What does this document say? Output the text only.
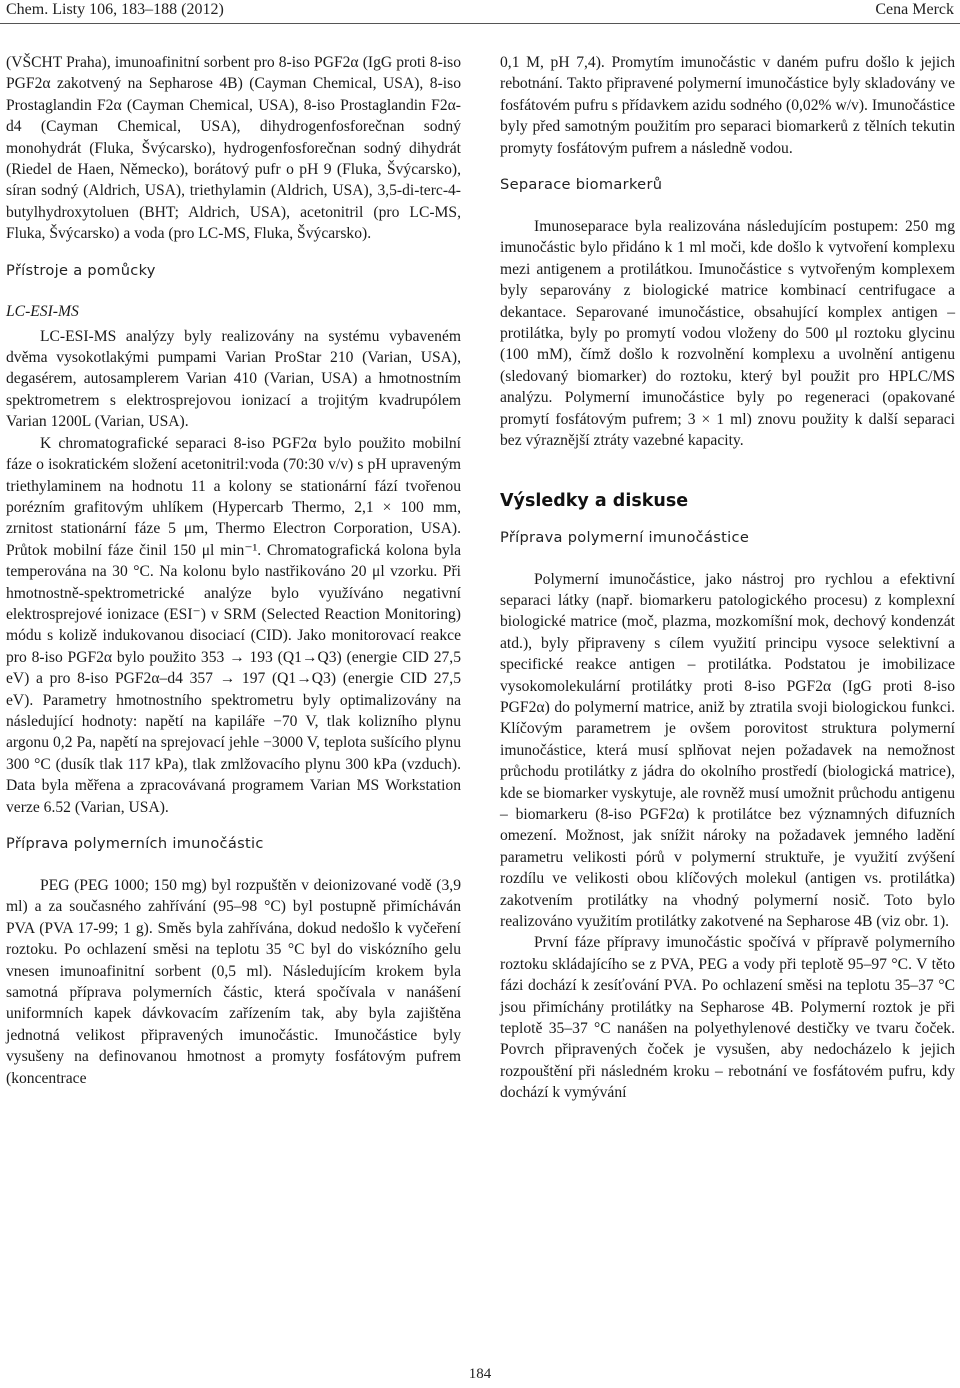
Chem. Listy 106, 183–188 (2012)	Cena Merck

(VŠCHT Praha), imunoafinitní sorbent pro 8-iso PGF2α (IgG proti 8-iso PGF2α zakotvený na Sepharose 4B) (Cayman Chemical, USA), 8-iso Prostaglandin F2α (Cayman Chemical, USA), 8-iso Prostaglandin F2α-d4 (Cayman Chemical, USA), dihydrogenfosforečnan sodný monohydrát (Fluka, Švýcarsko), hydrogenfosforečnan sodný dihydrát (Riedel de Haen, Německo), borátový pufr o pH 9 (Fluka, Švýcarsko), síran sodný (Aldrich, USA), triethylamin (Aldrich, USA), 3,5-di-terc-4-butylhydroxytoluen (BHT; Aldrich, USA), acetonitril (pro LC-MS, Fluka, Švýcarsko) a voda (pro LC-MS, Fluka, Švýcarsko).

Přístroje a pomůcky
LC-ESI-MS

LC-ESI-MS analýzy byly realizovány na systému vybaveném dvěma vysokotlakými pumpami Varian ProStar 210 (Varian, USA), degasérem, autosamplerem Varian 410 (Varian, USA) a hmotnostním spektrometrem s elektrosprejovou ionizací a trojitým kvadrupólem Varian 1200L (Varian, USA).

K chromatografické separaci 8-iso PGF2α bylo použito mobilní fáze o isokratickém složení acetonitril:voda (70:30 v/v) s pH upraveným triethylaminem na hodnotu 11 a kolony se stationární fází tvořenou porézním grafitovým uhlíkem (Hypercarb Thermo, 2,1 × 100 mm, zrnitost stationární fáze 5 μm, Thermo Electron Corporation, USA). Průtok mobilní fáze činil 150 μl min⁻¹. Chromatografická kolona byla temperována na 30 °C. Na kolonu bylo nastřikováno 20 μl vzorku. Při hmotnostně-spektrometrické analýze bylo využíváno negativní elektrosprejové ionizace (ESI⁻) v SRM (Selected Reaction Monitoring) módu s kolizě indukovanou disociací (CID). Jako monitorovací reakce pro 8-iso PGF2α bylo použito 353 → 193 (Q1→Q3) (energie CID 27,5 eV) a pro 8-iso PGF2α–d4 357 → 197 (Q1→Q3) (energie CID 27,5 eV). Parametry hmotnostního spektrometru byly optimalizovány na následující hodnoty: napětí na kapiláře −70 V, tlak kolizního plynu argonu 0,2 Pa, napětí na sprejovací jehle −3000 V, teplota sušícího plynu 300 °C (dusík tlak 117 kPa), tlak zmlžovacího plynu 300 kPa (vzduch). Data byla měřena a zpracovávaná programem Varian MS Workstation verze 6.52 (Varian, USA).

Příprava polymerních imunočástic

PEG (PEG 1000; 150 mg) byl rozpuštěn v deionizované vodě (3,9 ml) a za současného zahřívání (95–98 °C) byl postupně přimícháván PVA (PVA 17-99; 1 g). Směs byla zahřívána, dokud nedošlo k vyčeření roztoku. Po ochlazení směsi na teplotu 35 °C byl do viskózního gelu vnesen imunoafinitní sorbent (0,5 ml). Následujícím krokem byla samotná příprava polymerních částic, která spočívala v nanášení uniformních kapek dávkovacím zařízením tak, aby byla zajištěna jednotná velikost připravených imunočástic. Imunočástice byly vysušeny na definovanou hmotnost a promyty fosfátovým pufrem (koncentrace

0,1 M, pH 7,4). Promytím imunočástic v daném pufru došlo k jejich rebotnání. Takto připravené polymerní imunočástice byly skladovány ve fosfátovém pufru s přídavkem azidu sodného (0,02% w/v). Imunočástice byly před samotným použitím pro separaci biomarkerů z tělních tekutin promyty fosfátovým pufrem a následně vodou.

Separace biomarkerů

Imunoseparace byla realizována následujícím postupem: 250 mg imunočástic bylo přidáno k 1 ml moči, kde došlo k vytvoření komplexu mezi antigenem a protilátkou. Imunočástice s vytvořeným komplexem byly separovány z biologické matrice kombinací centrifugace a dekantace. Separované imunočástice, obsahující komplex antigen – protilátka, byly po promytí vodou vloženy do 500 μl roztoku glycinu (100 mM), čímž došlo k rozvolnění komplexu a uvolnění antigenu (sledovaný biomarker) do roztoku, který byl použit pro HPLC/MS analýzu. Polymerní imunočástice byly po regeneraci (opakované promytí fosfátovým pufrem; 3 × 1 ml) znovu použity k další separaci bez výraznější ztráty vazebné kapacity.

Výsledky a diskuse
Příprava polymerní imunočástice

Polymerní imunočástice, jako nástroj pro rychlou a efektivní separaci látky (např. biomarkeru patologického procesu) z komplexní biologické matrice (moč, plazma, mozkomíšní mok, dechový kondenzát atd.), byly připraveny s cílem využití principu vysoce selektivní a specifické reakce antigen – protilátka. Podstatou je imobilizace vysokomolekulární protilátky proti 8-iso PGF2α (IgG proti 8-iso PGF2α) do polymerní matrice, aniž by ztratila svoji biologickou funkci. Klíčovým parametrem je ovšem porovitost struktura polymerní imunočástice, která musí splňovat nejen požadavek na nemožnost průchodu protilátky z jádra do okolního prostředí (biologická matrice), kde se biomarker vyskytuje, ale rovněž musí umožnit průchodu antigenu – biomarkeru (8-iso PGF2α) k protilátce bez významných difuzních omezení. Možnost, jak snížit nároky na požadavek jemného ladění parametru velikosti pórů v polymerní struktuře, je využití zvýšení rozdílu ve velikosti obou klíčových molekul (antigen vs. protilátka) zakotvením protilátky na vhodný polymerní nosič. Toto bylo realizováno využitím protilátky zakotvené na Sepharose 4B (viz obr. 1).

První fáze přípravy imunočástic spočívá v přípravě polymerního roztoku skládajícího se z PVA, PEG a vody při teplotě 95–97 °C. V těto fázi dochází k zesíťování PVA. Po ochlazení směsi na teplotu 35–37 °C jsou přimíchány protilátky na Sepharose 4B. Polymerní roztok je při teplotě 35–37 °C nanášen na polyethylenové destičky ve tvaru čoček. Povrch připravených čoček je vysušen, aby nedocházelo k jejich rozpouštění při následném kroku – rebotnání ve fosfátovém pufru, kdy dochází k vymývání

184
